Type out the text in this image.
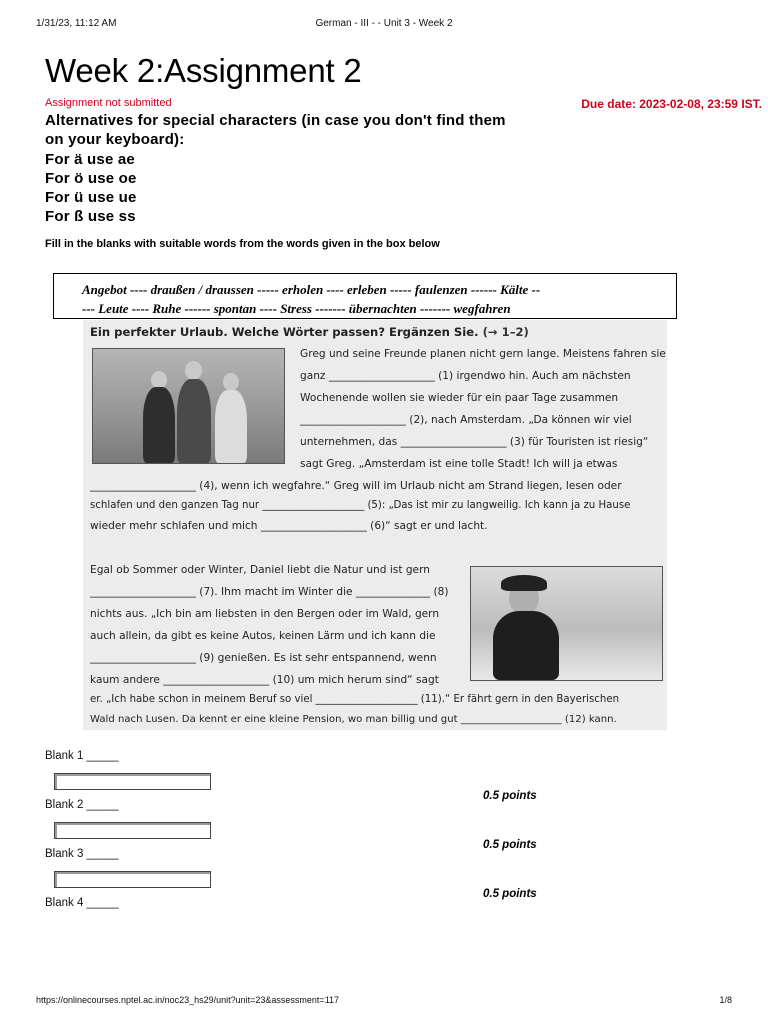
1/31/23, 11:12 AM	German - III - - Unit 3 - Week 2
Week 2:Assignment 2
Assignment not submitted	Due date: 2023-02-08, 23:59 IST.
Alternatives for special characters (in case you don't find them
on your keyboard):
For ä use ae
For ö use oe
For ü use ue
For ß use ss
Fill in the blanks with suitable words from the words given in the box below
Angebot ---- draußen / draussen ----- erholen ---- erleben ----- faulenzen ------ Kälte --
--- Leute ---- Ruhe ------ spontan ---- Stress ------- übernachten ------- wegfahren
Ein perfekter Urlaub. Welche Wörter passen? Ergänzen Sie. (→ 1–2)
Greg und seine Freunde planen nicht gern lange. Meistens fahren sie
ganz ____________________ (1) irgendwo hin. Auch am nächsten
Wochenende wollen sie wieder für ein paar Tage zusammen
____________________ (2), nach Amsterdam. „Da können wir viel
unternehmen, das ____________________ (3) für Touristen ist riesig“
sagt Greg. „Amsterdam ist eine tolle Stadt! Ich will ja etwas
____________________ (4), wenn ich wegfahre.“ Greg will im Urlaub nicht am Strand liegen, lesen oder
schlafen und den ganzen Tag nur ____________________ (5): „Das ist mir zu langweilig. Ich kann ja zu Hause
wieder mehr schlafen und mich ____________________ (6)“ sagt er und lacht.
Egal ob Sommer oder Winter, Daniel liebt die Natur und ist gern
____________________ (7). Ihm macht im Winter die ______________ (8)
nichts aus. „Ich bin am liebsten in den Bergen oder im Wald, gern
auch allein, da gibt es keine Autos, keinen Lärm und ich kann die
____________________ (9) genießen. Es ist sehr entspannend, wenn
kaum andere ____________________ (10) um mich herum sind“ sagt
er. „Ich habe schon in meinem Beruf so viel ____________________ (11).“ Er fährt gern in den Bayerischen
Wald nach Lusen. Da kennt er eine kleine Pension, wo man billig und gut ____________________ (12) kann.
Blank 1 _____
Blank 2 _____
0.5 points
Blank 3 _____
0.5 points
Blank 4 _____
0.5 points
https://onlinecourses.nptel.ac.in/noc23_hs29/unit?unit=23&assessment=117	1/8
